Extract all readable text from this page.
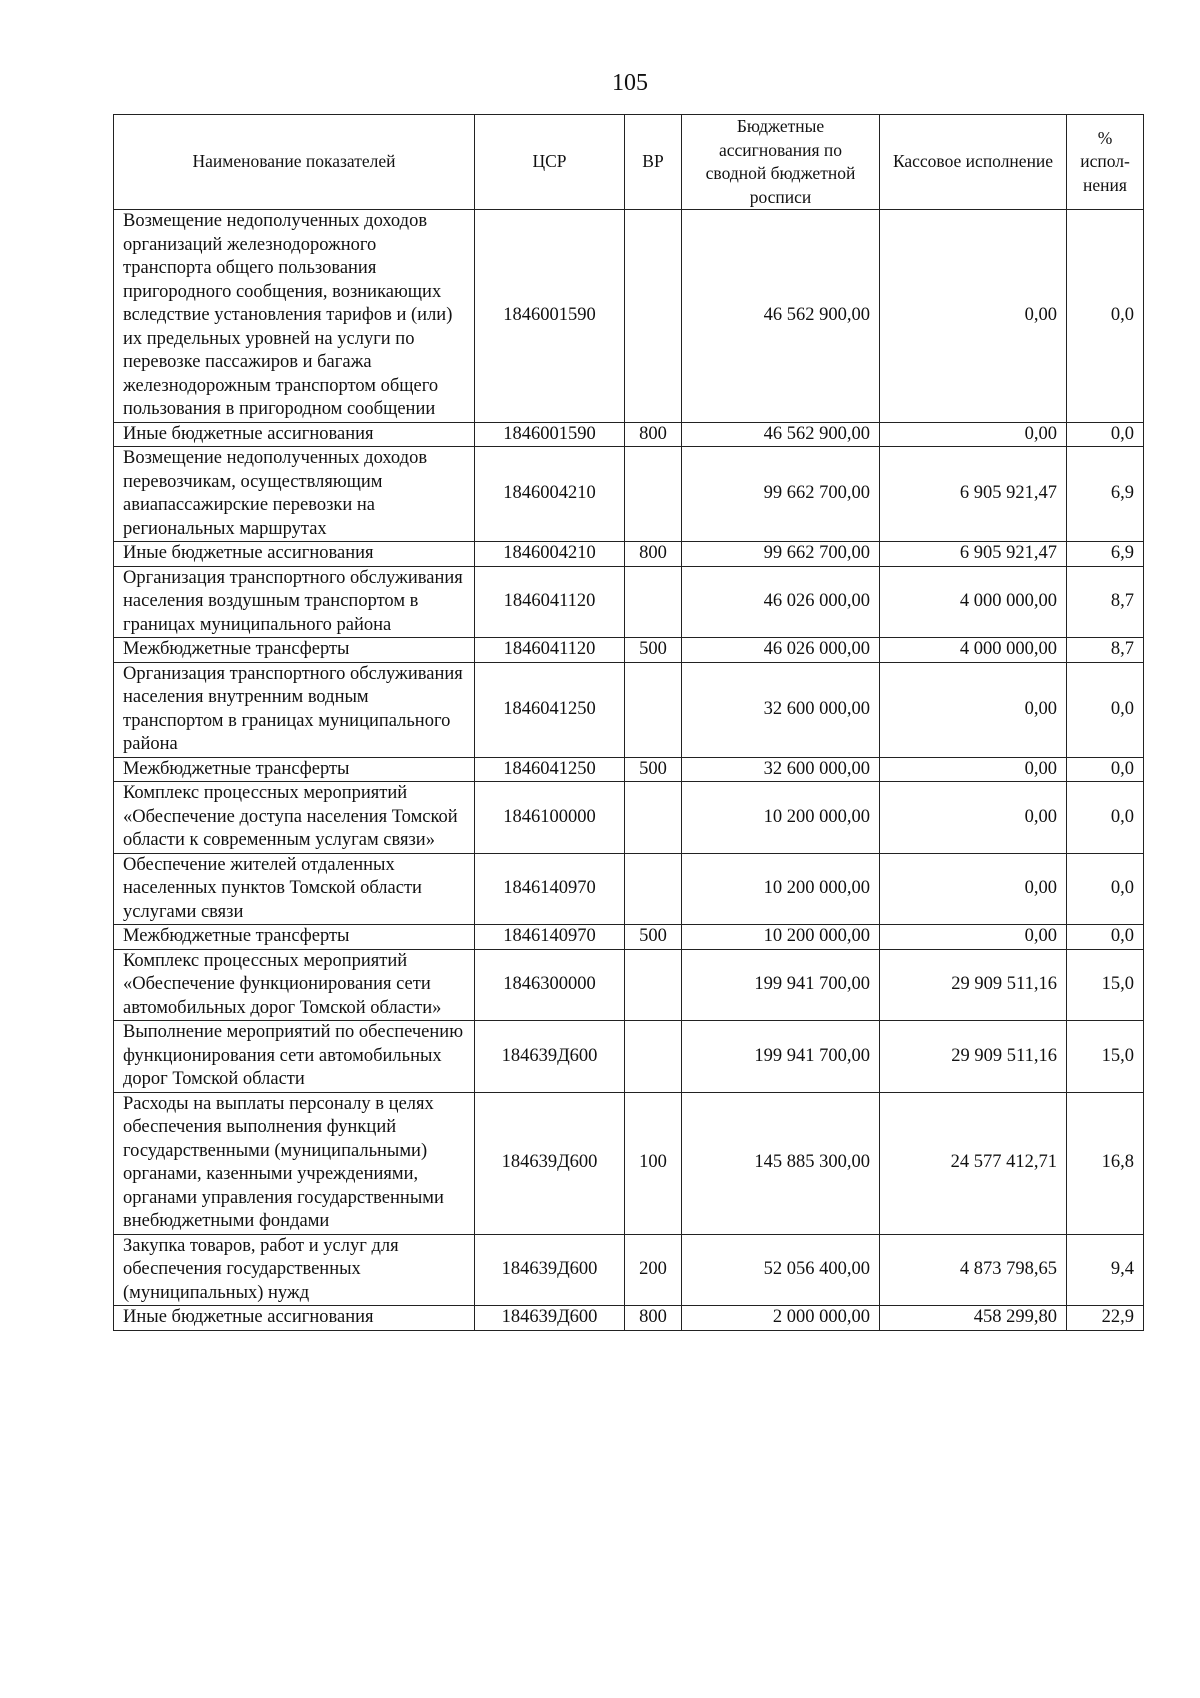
105
Наименование показателей	ЦСР	ВР	Бюджетные ассигнования по сводной бюджетной росписи	Кассовое исполнение	% испол-нения
Возмещение недополученных доходов организаций железнодорожного транспорта общего пользования пригородного сообщения, возникающих вследствие установления тарифов и (или) их предельных уровней на услуги по перевозке пассажиров и багажа железнодорожным транспортом общего пользования в пригородном сообщении	1846001590		46 562 900,00	0,00	0,0
Иные бюджетные ассигнования	1846001590	800	46 562 900,00	0,00	0,0
Возмещение недополученных доходов перевозчикам, осуществляющим авиапассажирские перевозки на региональных маршрутах	1846004210		99 662 700,00	6 905 921,47	6,9
Иные бюджетные ассигнования	1846004210	800	99 662 700,00	6 905 921,47	6,9
Организация транспортного обслуживания населения воздушным транспортом в границах муниципального района	1846041120		46 026 000,00	4 000 000,00	8,7
Межбюджетные трансферты	1846041120	500	46 026 000,00	4 000 000,00	8,7
Организация транспортного обслуживания населения внутренним водным транспортом в границах муниципального района	1846041250		32 600 000,00	0,00	0,0
Межбюджетные трансферты	1846041250	500	32 600 000,00	0,00	0,0
Комплекс процессных мероприятий «Обеспечение доступа населения Томской области к современным услугам связи»	1846100000		10 200 000,00	0,00	0,0
Обеспечение жителей отдаленных населенных пунктов Томской области услугами связи	1846140970		10 200 000,00	0,00	0,0
Межбюджетные трансферты	1846140970	500	10 200 000,00	0,00	0,0
Комплекс процессных мероприятий «Обеспечение функционирования сети автомобильных дорог Томской области»	1846300000		199 941 700,00	29 909 511,16	15,0
Выполнение мероприятий по обеспечению функционирования сети автомобильных дорог Томской области	184639Д600		199 941 700,00	29 909 511,16	15,0
Расходы на выплаты персоналу в целях обеспечения выполнения функций государственными (муниципальными) органами, казенными учреждениями, органами управления государственными внебюджетными фондами	184639Д600	100	145 885 300,00	24 577 412,71	16,8
Закупка товаров, работ и услуг для обеспечения государственных (муниципальных) нужд	184639Д600	200	52 056 400,00	4 873 798,65	9,4
Иные бюджетные ассигнования	184639Д600	800	2 000 000,00	458 299,80	22,9
